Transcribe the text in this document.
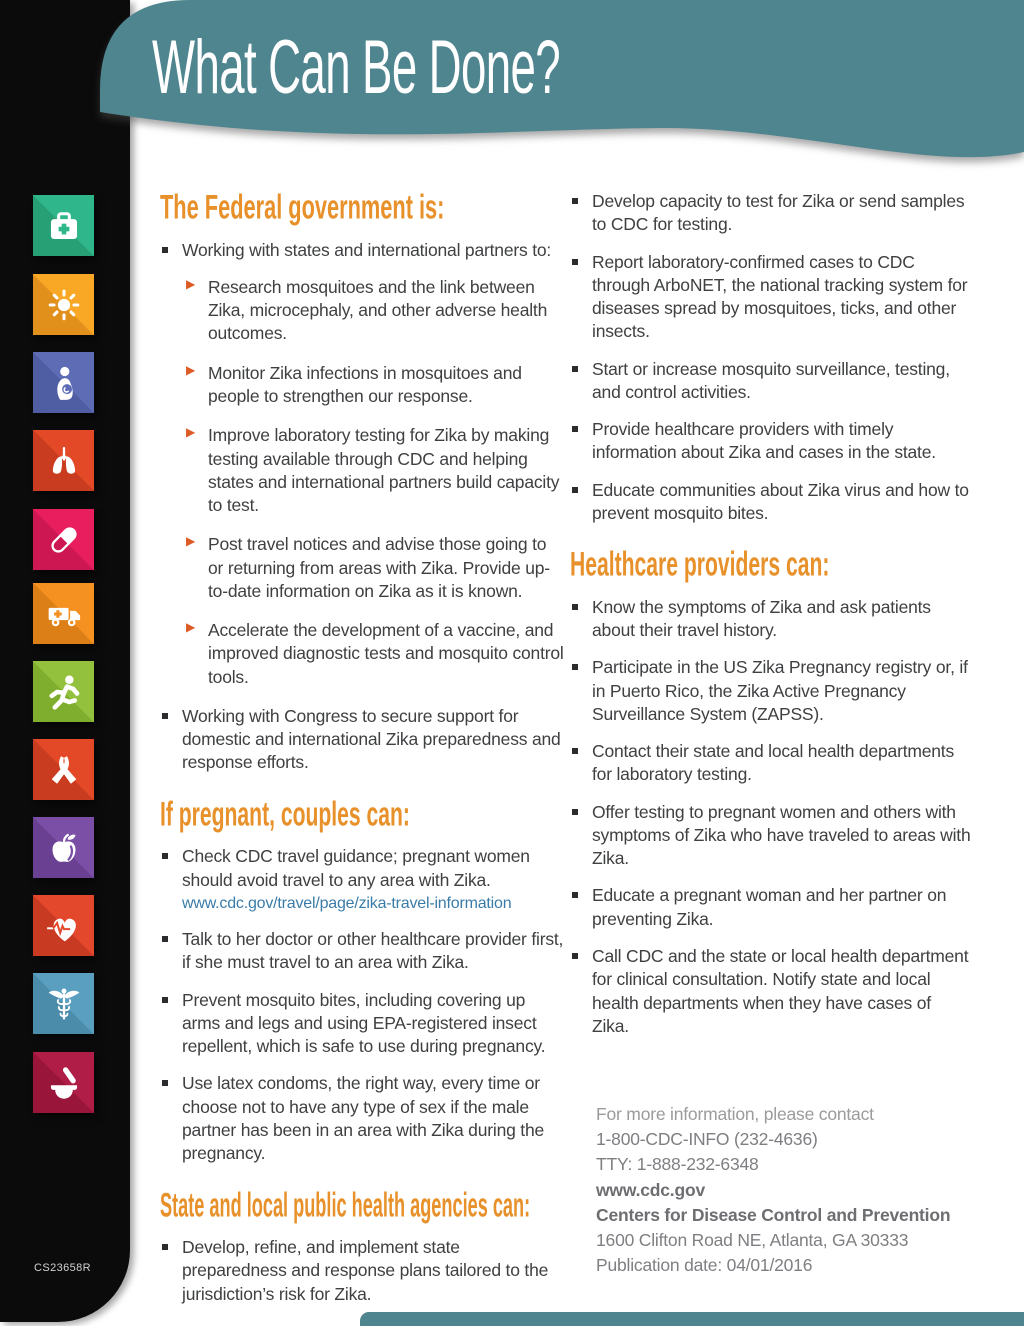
What Can Be Done?
The Federal government is:
Working with states and international partners to:
▶ Research mosquitoes and the link between Zika, microcephaly, and other adverse health outcomes.
▶ Monitor Zika infections in mosquitoes and people to strengthen our response.
▶ Improve laboratory testing for Zika by making testing available through CDC and helping states and international partners build capacity to test.
▶ Post travel notices and advise those going to or returning from areas with Zika. Provide up-to-date information on Zika as it is known.
▶ Accelerate the development of a vaccine, and improved diagnostic tests and mosquito control tools.
Working with Congress to secure support for domestic and international Zika preparedness and response efforts.
If pregnant, couples can:
Check CDC travel guidance; pregnant women should avoid travel to any area with Zika.
www.cdc.gov/travel/page/zika-travel-information
Talk to her doctor or other healthcare provider first, if she must travel to an area with Zika.
Prevent mosquito bites, including covering up arms and legs and using EPA-registered insect repellent, which is safe to use during pregnancy.
Use latex condoms, the right way, every time or choose not to have any type of sex if the male partner has been in an area with Zika during the pregnancy.
State and local public health agencies can:
Develop, refine, and implement state preparedness and response plans tailored to the jurisdiction’s risk for Zika.
Develop capacity to test for Zika or send samples to CDC for testing.
Report laboratory-confirmed cases to CDC through ArboNET, the national tracking system for diseases spread by mosquitoes, ticks, and other insects.
Start or increase mosquito surveillance, testing, and control activities.
Provide healthcare providers with timely information about Zika and cases in the state.
Educate communities about Zika virus and how to prevent mosquito bites.
Healthcare providers can:
Know the symptoms of Zika and ask patients about their travel history.
Participate in the US Zika Pregnancy registry or, if in Puerto Rico, the Zika Active Pregnancy Surveillance System (ZAPSS).
Contact their state and local health departments for laboratory testing.
Offer testing to pregnant women and others with symptoms of Zika who have traveled to areas with Zika.
Educate a pregnant woman and her partner on preventing Zika.
Call CDC and the state or local health department for clinical consultation. Notify state and local health departments when they have cases of Zika.
For more information, please contact
1-800-CDC-INFO (232-4636)
TTY: 1-888-232-6348
www.cdc.gov
Centers for Disease Control and Prevention
1600 Clifton Road NE, Atlanta, GA 30333
Publication date: 04/01/2016
CS23658R
